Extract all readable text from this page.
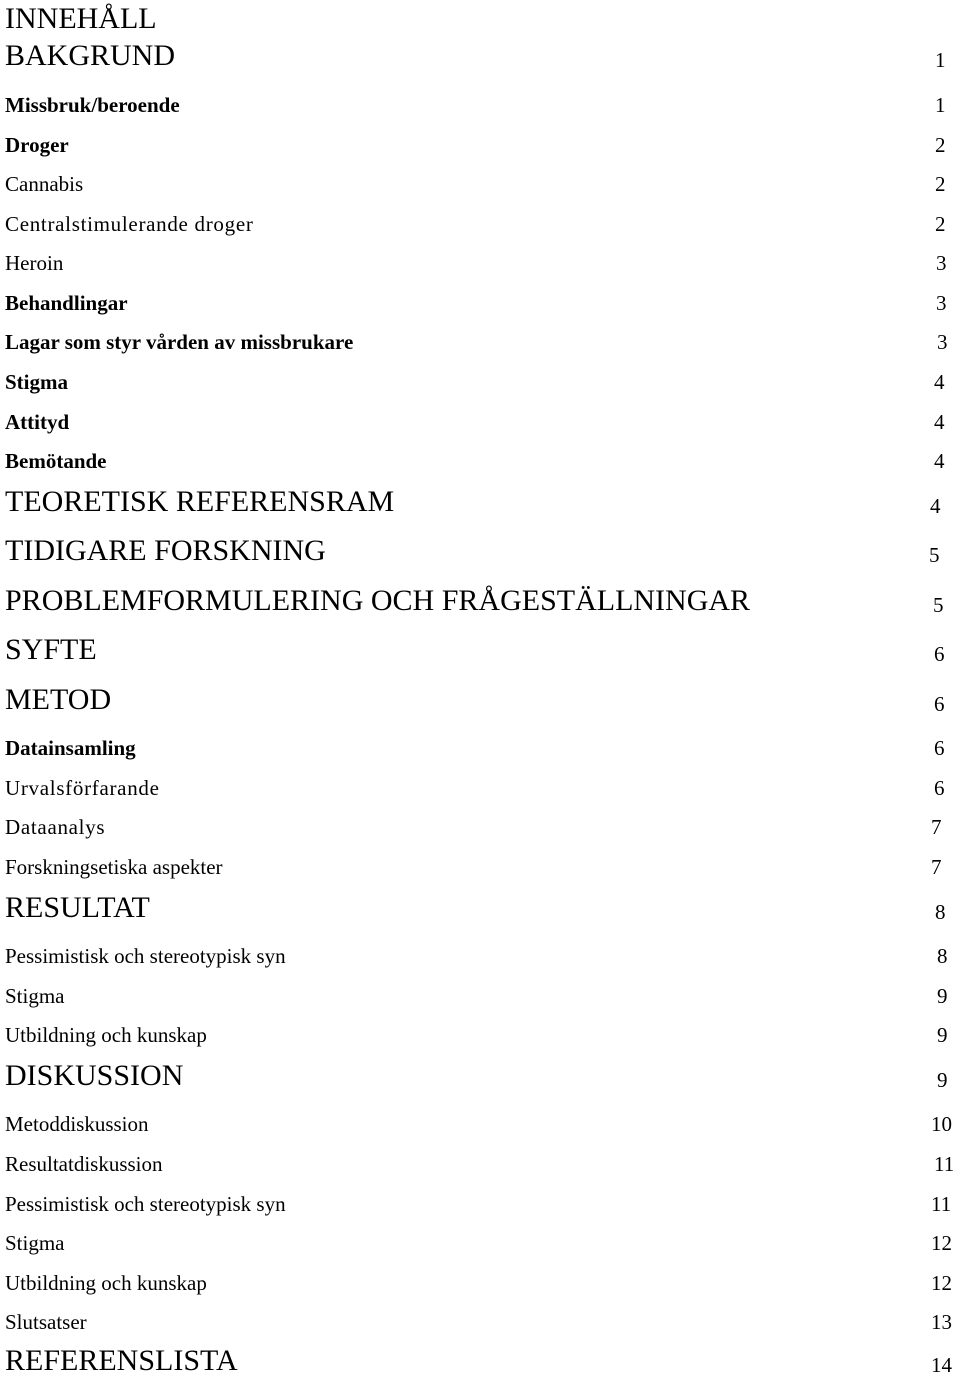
INNEHÅLL
BAKGRUND	1
Missbruk/beroende	1
Droger	2
Cannabis	2
Centralstimulerande droger	2
Heroin	3
Behandlingar	3
Lagar som styr vården av missbrukare	3
Stigma	4
Attityd	4
Bemötande	4
TEORETISK REFERENSRAM	4
TIDIGARE FORSKNING	5
PROBLEMFORMULERING OCH FRÅGESTÄLLNINGAR	5
SYFTE	6
METOD	6
Datainsamling	6
Urvalsförfarande	6
Dataanalys	7
Forskningsetiska aspekter	7
RESULTAT	8
Pessimistisk och stereotypisk syn	8
Stigma	9
Utbildning och kunskap	9
DISKUSSION	9
Metoddiskussion	10
Resultatdiskussion	11
Pessimistisk och stereotypisk syn	11
Stigma	12
Utbildning och kunskap	12
Slutsatser	13
REFERENSLISTA	14
